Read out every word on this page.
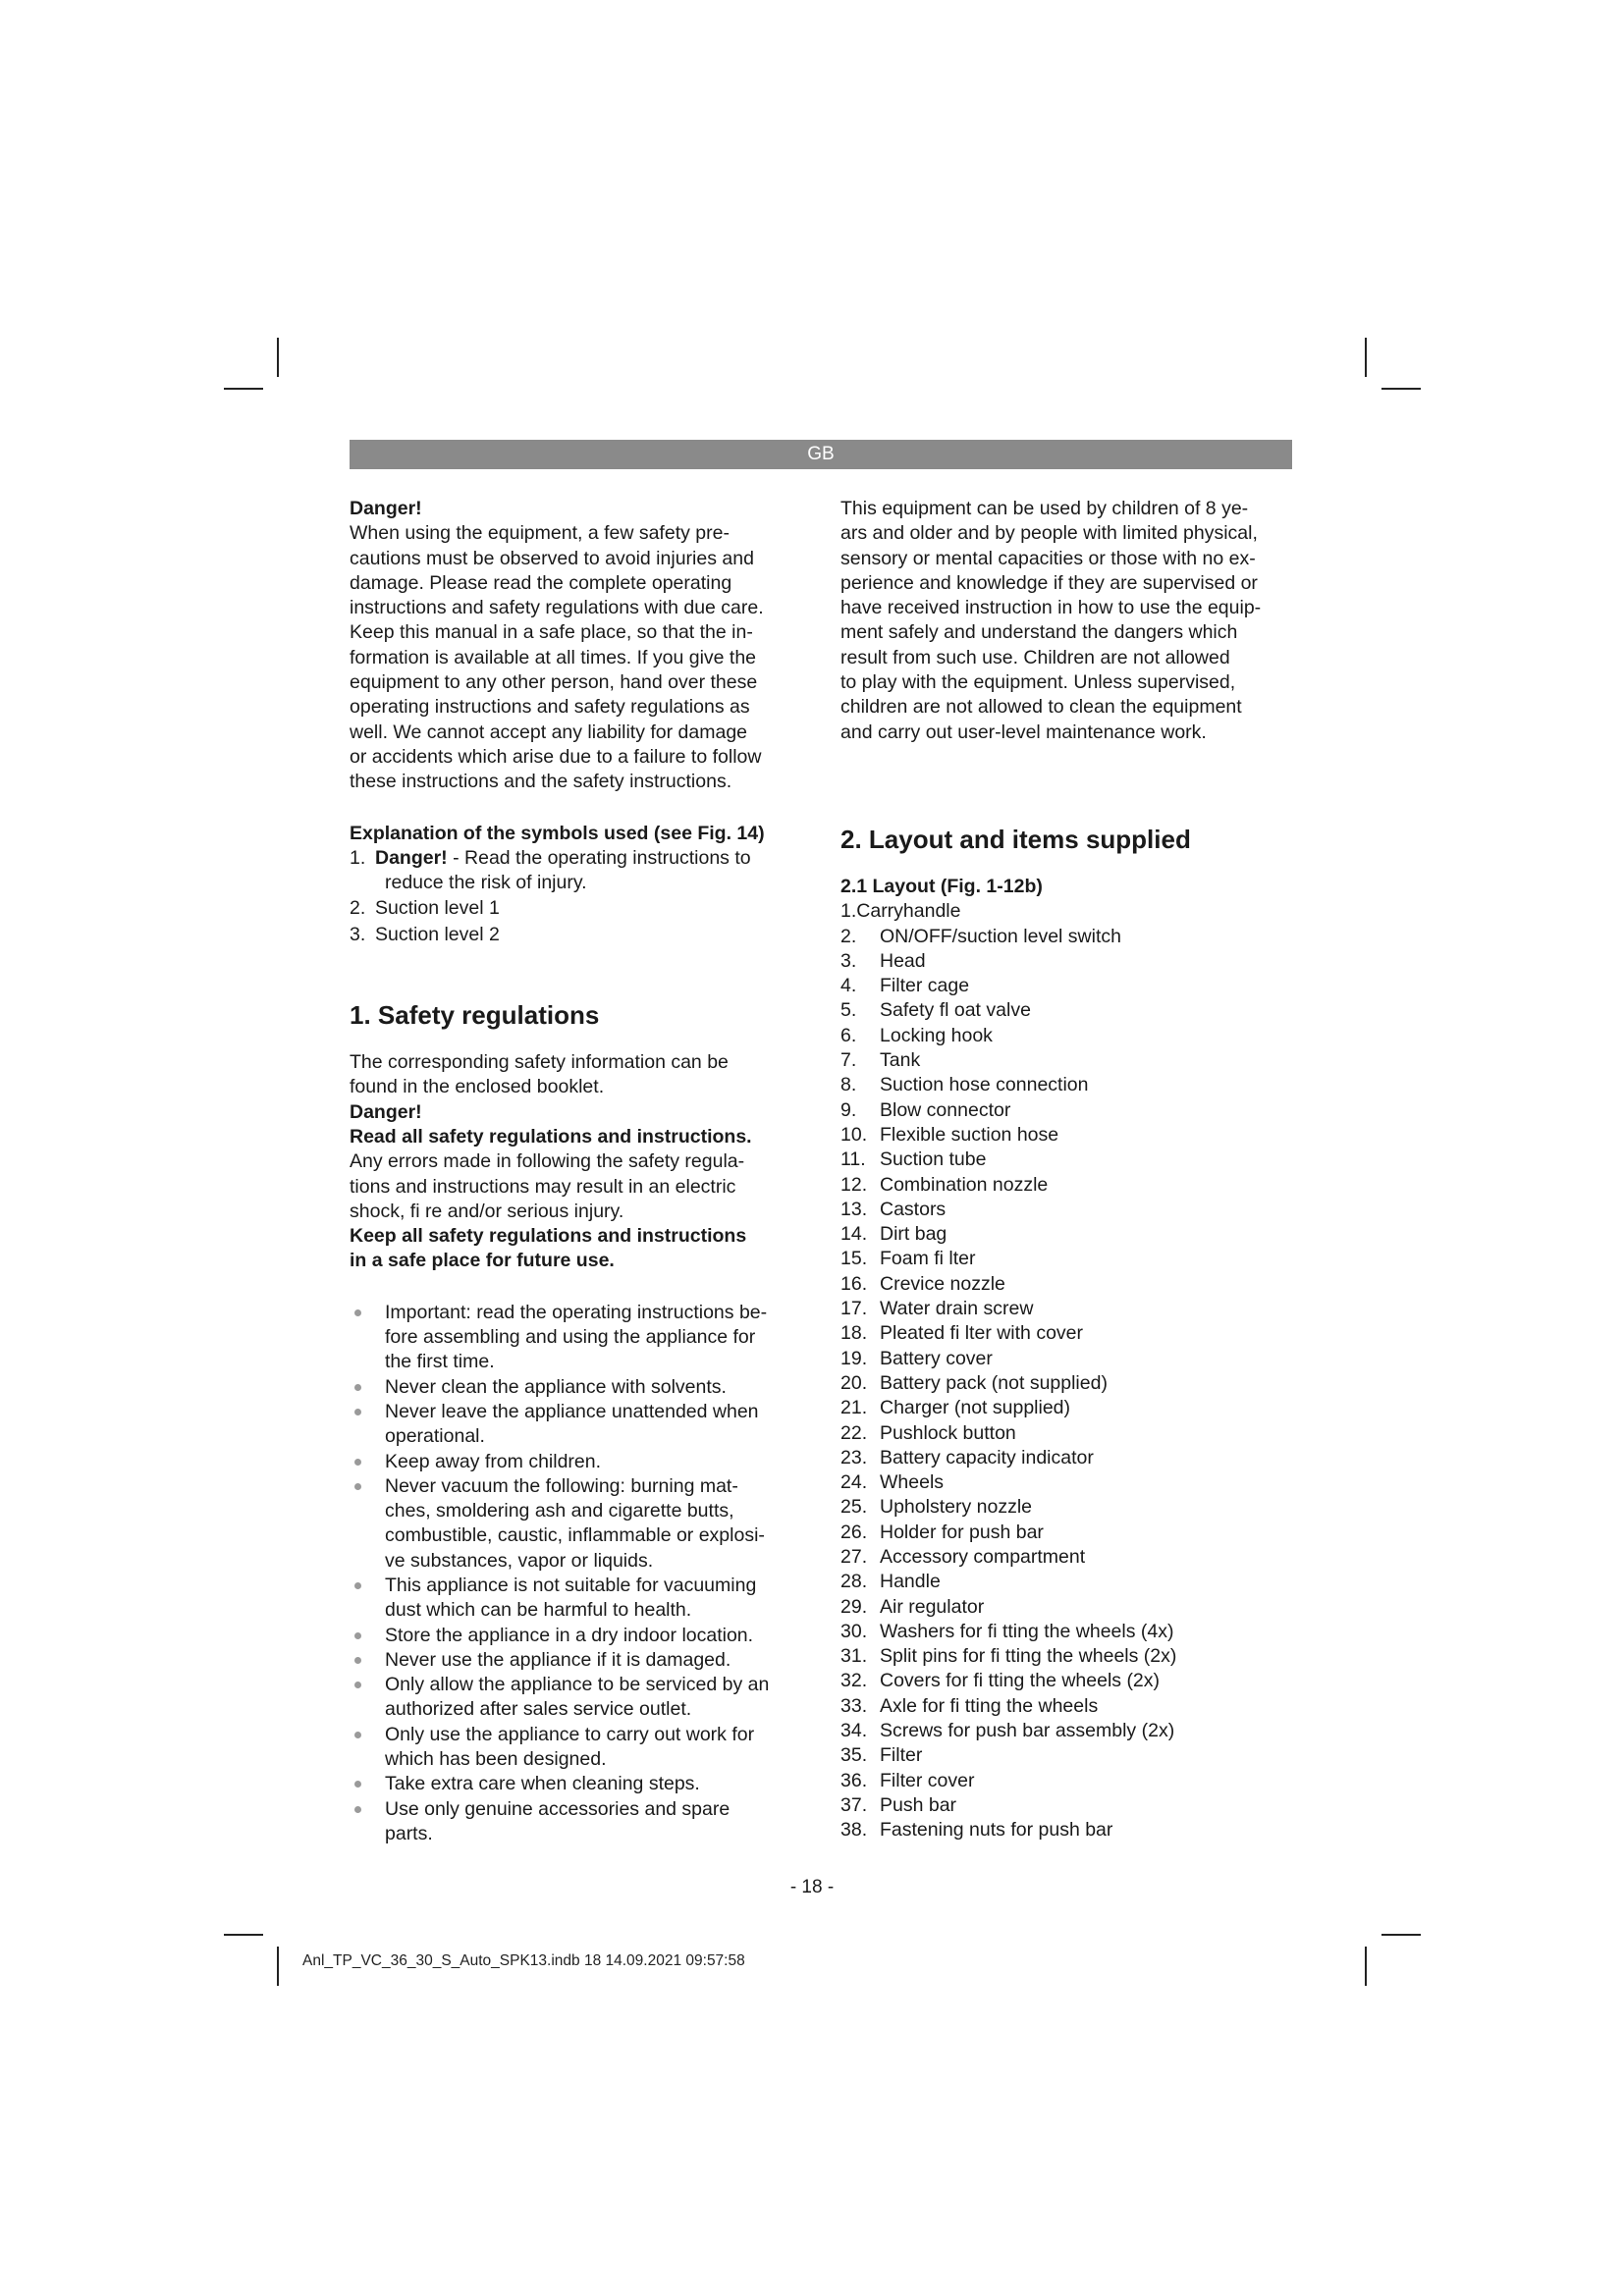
GB

Danger!

When using the equipment, a few safety pre-

cautions must be observed to avoid injuries and

damage. Please read the complete operating

instructions and safety regulations with due care.

Keep this manual in a safe place, so that the in-

formation is available at all times. If you give the

equipment to any other person, hand over these

operating instructions and safety regulations as

well. We cannot accept any liability for damage

or accidents which arise due to a failure to follow

these instructions and the safety instructions.

Explanation of the symbols used (see Fig. 14)

1. Danger! - Read the operating instructions to
reduce the risk of injury.
2. Suction level 1
3. Suction level 2

1. Safety regulations

The corresponding safety information can be

found in the enclosed booklet.

Danger!

Read all safety regulations and instructions.

Any errors made in following the safety regula-

tions and instructions may result in an electric

shock, fi re and/or serious injury.

Keep all safety regulations and instructions

in a safe place for future use.

Important: read the operating instructions be-

fore assembling and using the appliance for

the first time.

Never clean the appliance with solvents.

Never leave the appliance unattended when

operational.

Keep away from children.

Never vacuum the following: burning mat-

ches, smoldering ash and cigarette butts,

combustible, caustic, inflammable or explosi-

ve substances, vapor or liquids.

This appliance is not suitable for vacuuming

dust which can be harmful to health.

Store the appliance in a dry indoor location.

Never use the appliance if it is damaged.

Only allow the appliance to be serviced by an

authorized after sales service outlet.

Only use the appliance to carry out work for

which has been designed.

Take extra care when cleaning steps.

Use only genuine accessories and spare

parts.

This equipment can be used by children of 8 ye-

ars and older and by people with limited physical,

sensory or mental capacities or those with no ex-

perience and knowledge if they are supervised or

have received instruction in how to use the equip-

ment safely and understand the dangers which

result from such use. Children are not allowed

to play with the equipment. Unless supervised,

children are not allowed to clean the equipment

and carry out user-level maintenance work.

2. Layout and items supplied

2.1 Layout (Fig. 1-12b)

1.Carryhandle
2. ON/OFF/suction level switch
3. Head
4. Filter cage
5. Safety fl oat valve
6. Locking hook
7. Tank
8. Suction hose connection
9. Blow connector
10. Flexible suction hose
11. Suction tube
12. Combination nozzle
13. Castors
14. Dirt bag
15. Foam fi lter
16. Crevice nozzle
17. Water drain screw
18. Pleated fi lter with cover
19. Battery cover
20. Battery pack (not supplied)
21. Charger (not supplied)
22. Pushlock button
23. Battery capacity indicator
24. Wheels
25. Upholstery nozzle
26. Holder for push bar
27. Accessory compartment
28. Handle
29. Air regulator
30. Washers for fi tting the wheels (4x)
31. Split pins for fi tting the wheels (2x)
32. Covers for fi tting the wheels (2x)
33. Axle for fi tting the wheels
34. Screws for push bar assembly (2x)
35. Filter
36. Filter cover
37. Push bar
38. Fastening nuts for push bar
- 18 -
Anl_TP_VC_36_30_S_Auto_SPK13.indb 18 14.09.2021 09:57:58
